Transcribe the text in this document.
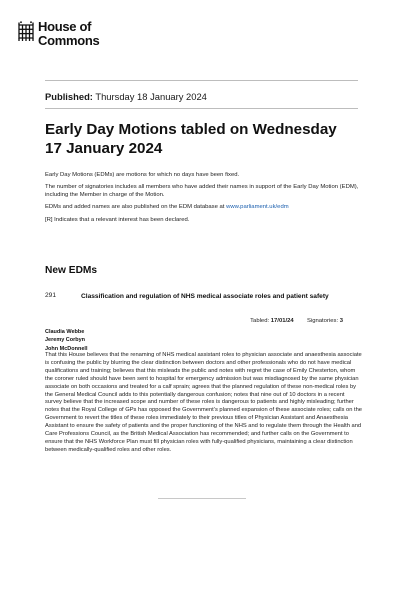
House of
Commons
Published: Thursday 18 January 2024
Early Day Motions tabled on Wednesday 17 January 2024

Early Day Motions (EDMs) are motions for which no days have been fixed.

The number of signatories includes all members who have added their names in support of the Early Day Motion (EDM), including the Member in charge of the Motion.

EDMs and added names are also published on the EDM database at www.parliament.uk/edm

[R] Indicates that a relevant interest has been declared.

New EDMs
291	Classification and regulation of NHS medical associate roles and patient safety
Tabled: 17/01/24 Signatories: 3
Claudia Webbe
Jeremy Corbyn
John McDonnell

That this House believes that the renaming of NHS medical assistant roles to physician associate and anaesthesia associate is confusing the public by blurring the clear distinction between doctors and other professionals who do not have medical qualifications and training; believes that this misleads the public and notes with regret the case of Emily Chesterton, whom the coroner ruled should have been sent to hospital for emergency admission but was misdiagnosed by the same physician associate on both occasions and treated for a calf sprain; agrees that the planned regulation of these non-medical roles by the General Medical Council adds to this potentially dangerous confusion; notes that nine out of 10 doctors in a recent survey believe that the increased scope and number of these roles is dangerous to patients and highly misleading; further notes that the Royal College of GPs has opposed the Government’s planned expansion of these associate roles; calls on the Government to revert the titles of these roles immediately to their previous titles of Physician Assistant and Anaesthesia Assistant to ensure the safety of patients and the proper functioning of the NHS and to regulate them through the Health and Care Professions Council, as the British Medical Association has recommended; and further calls on the Government to ensure that the NHS Workforce Plan must fill physician roles with fully-qualified physicians, maintaining a clear distinction between medically-qualified roles and other roles.
